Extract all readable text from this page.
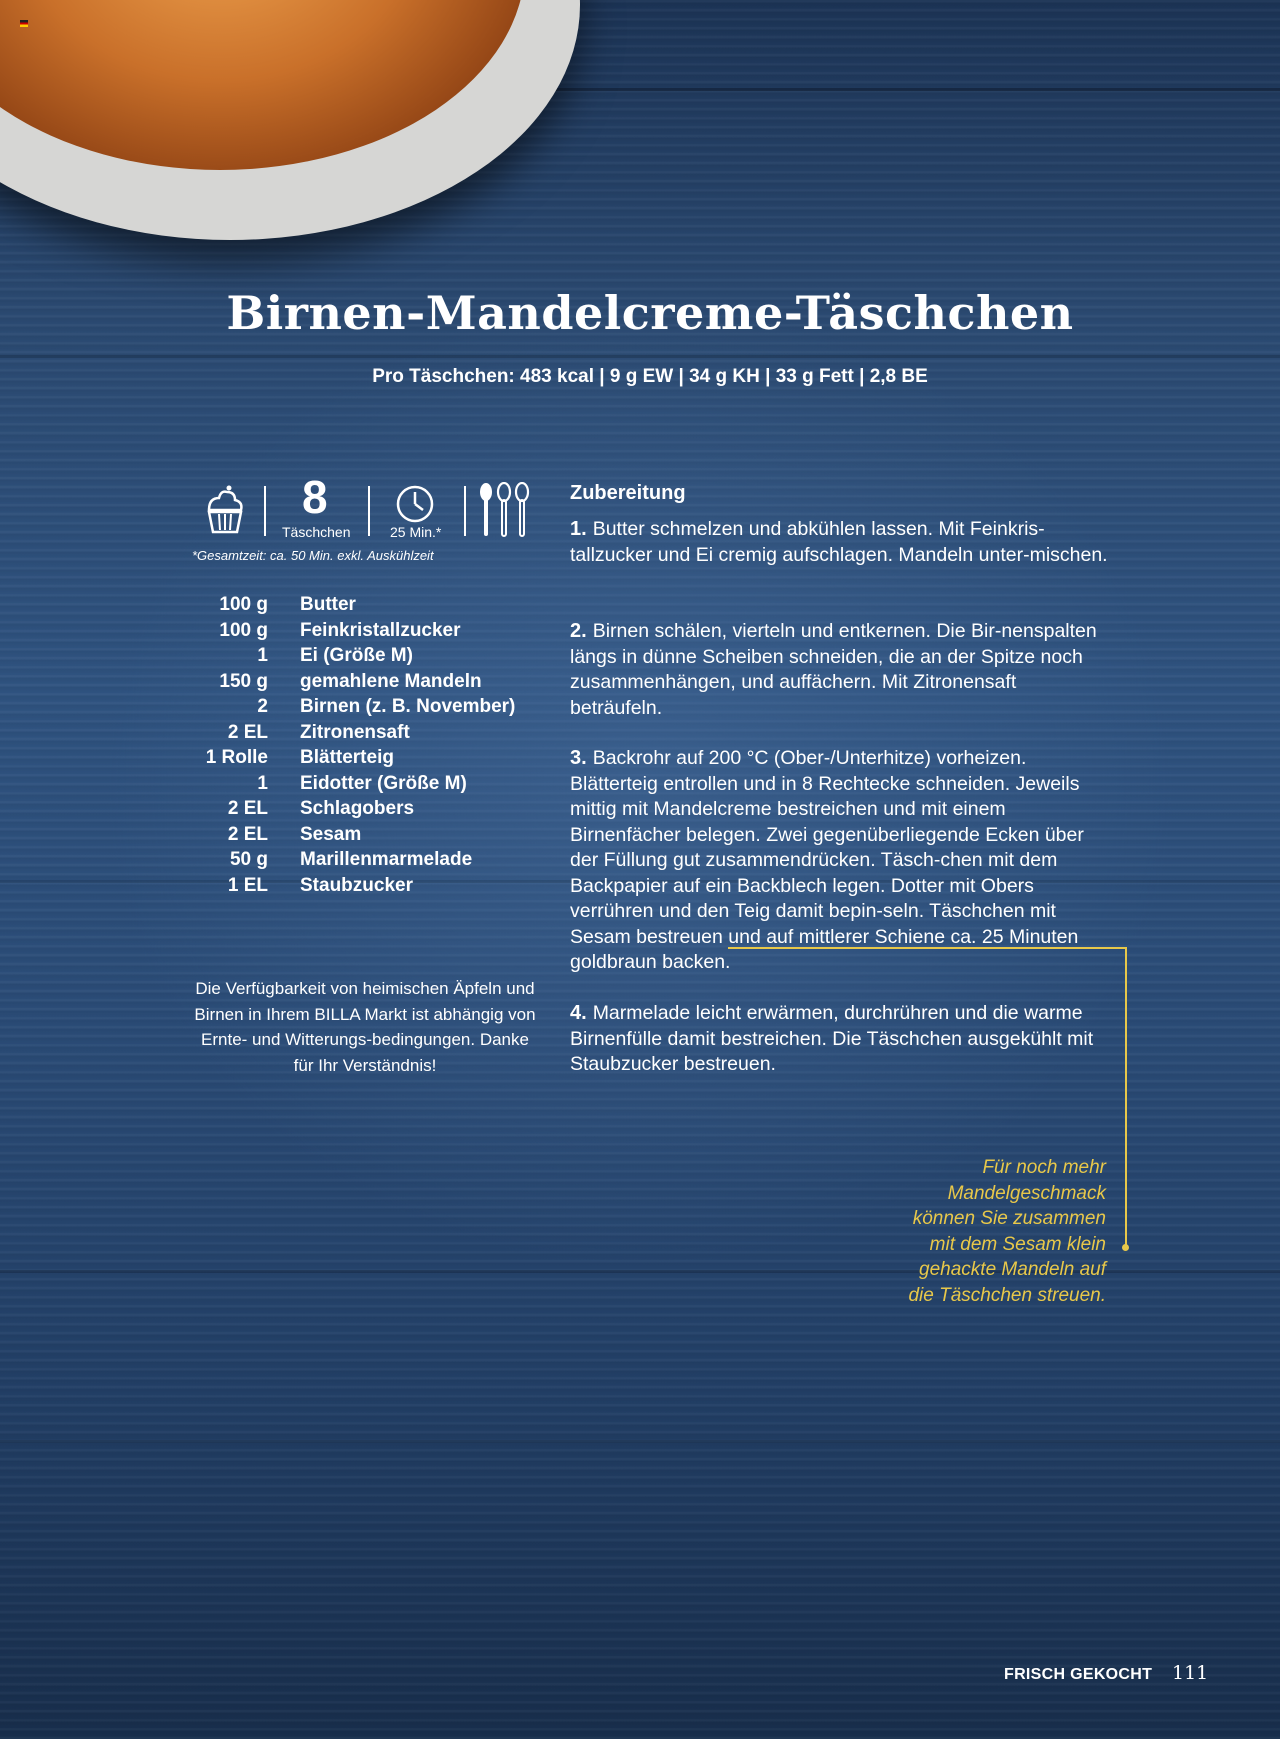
Birnen-Mandelcreme-Täschchen
Pro Täschchen: 483 kcal | 9 g EW | 34 g KH | 33 g Fett | 2,8 BE
8
Täschchen	25 Min.*
*Gesamtzeit: ca. 50 Min. exkl. Auskühlzeit
100 g Butter
100 g Feinkristallzucker
1 Ei (Größe M)
150 g gemahlene Mandeln
2 Birnen (z. B. November)
2 EL Zitronensaft
1 Rolle Blätterteig
1 Eidotter (Größe M)
2 EL Schlagobers
2 EL Sesam
50 g Marillenmarmelade
1 EL Staubzucker
Die Verfügbarkeit von heimischen Äpfeln und Birnen in Ihrem BILLA Markt ist abhängig von Ernte- und Witterungs-bedingungen. Danke für Ihr Verständnis!
Zubereitung
1. Butter schmelzen und abkühlen lassen. Mit Feinkris-tallzucker und Ei cremig aufschlagen. Mandeln unter-mischen.
2. Birnen schälen, vierteln und entkernen. Die Bir-nenspalten längs in dünne Scheiben schneiden, die an der Spitze noch zusammenhängen, und auffächern. Mit Zitronensaft beträufeln.
3. Backrohr auf 200 °C (Ober-/Unterhitze) vorheizen. Blätterteig entrollen und in 8 Rechtecke schneiden. Jeweils mittig mit Mandelcreme bestreichen und mit einem Birnenfächer belegen. Zwei gegenüberliegende Ecken über der Füllung gut zusammendrücken. Täsch-chen mit dem Backpapier auf ein Backblech legen. Dotter mit Obers verrühren und den Teig damit bepin-seln. Täschchen mit Sesam bestreuen und auf mittlerer Schiene ca. 25 Minuten goldbraun backen.
4. Marmelade leicht erwärmen, durchrühren und die warme Birnenfülle damit bestreichen. Die Täschchen ausgekühlt mit Staubzucker bestreuen.
Für noch mehr Mandelgeschmack können Sie zusammen mit dem Sesam klein gehackte Mandeln auf die Täschchen streuen.
FRISCH GEKOCHT 111
